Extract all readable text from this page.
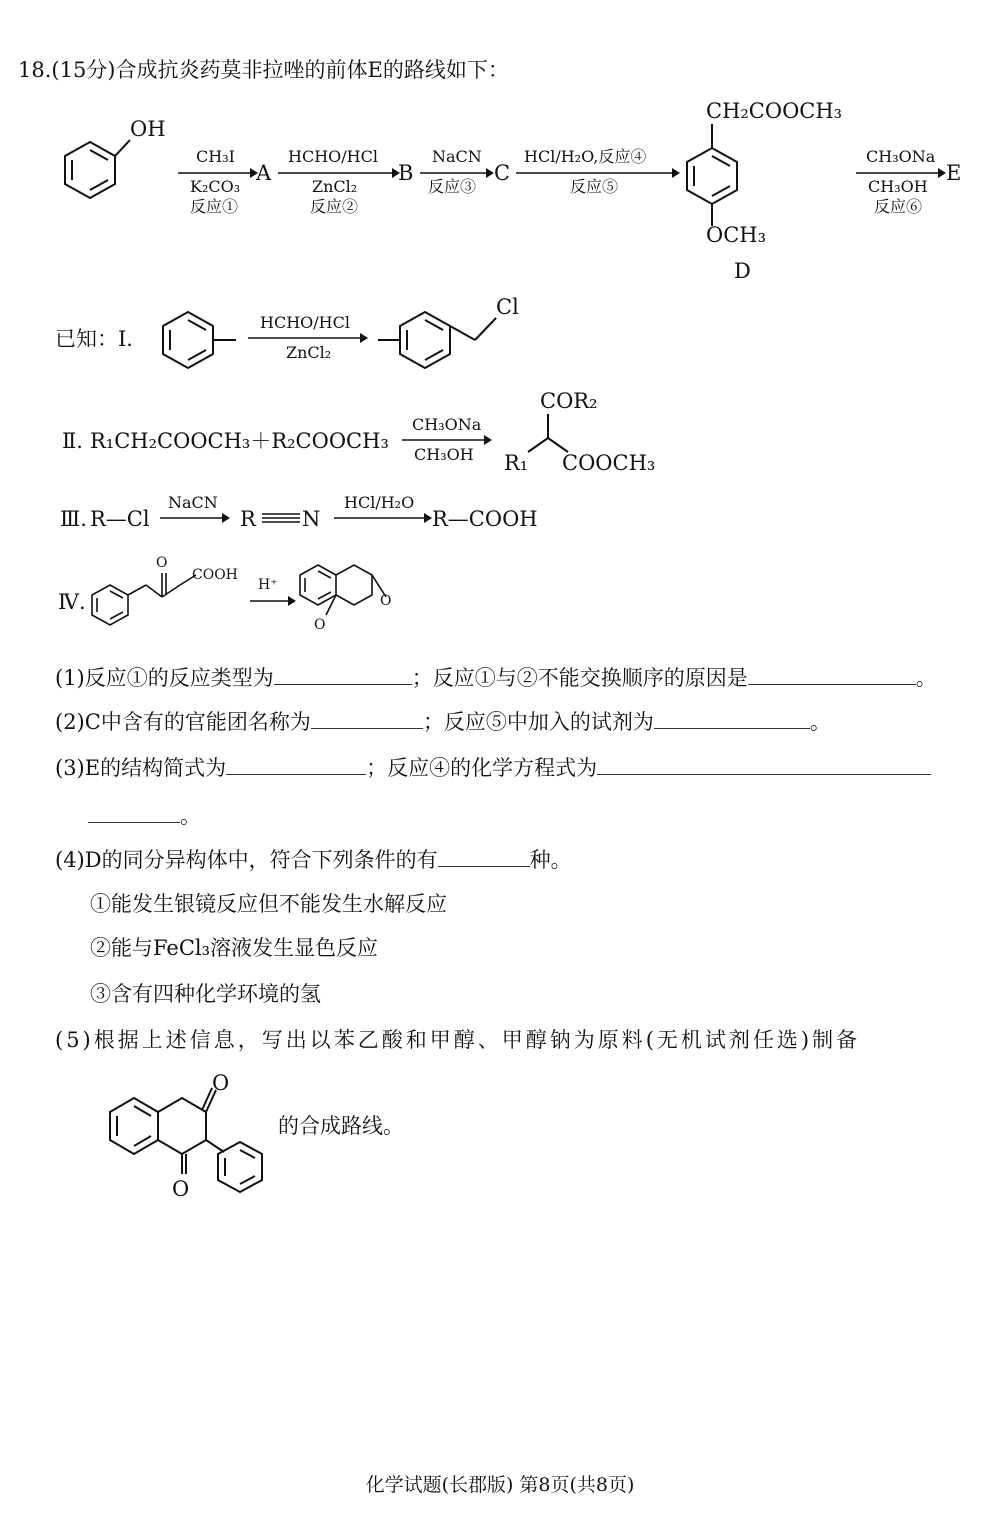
18.(15分)合成抗炎药莫非拉唑的前体E的路线如下：
OH
CH₃I
K₂CO₃
反应①
A
HCHO/HCl
ZnCl₂
反应②
B
NaCN
反应③
C
HCl/H₂O,反应④
反应⑤
CH₂COOCH₃
OCH₃
D
CH₃ONa
CH₃OH
反应⑥
E
已知：Ⅰ.
HCHO/HCl
ZnCl₂
Cl
Ⅱ. R₁CH₂COOCH₃＋R₂COOCH₃
CH₃ONa
CH₃OH
COR₂
R₁ COOCH₃
Ⅲ. R—Cl
NaCN
R N
HCl/H₂O
R—COOH
Ⅳ.
O
COOH
H⁺
O
O
(1)反应①的反应类型为	；反应①与②不能交换顺序的原因是	。
(2)C中含有的官能团名称为	；反应⑤中加入的试剂为	。
(3)E的结构简式为	；反应④的化学方程式为
。
(4)D的同分异构体中，符合下列条件的有	种。
①能发生银镜反应但不能发生水解反应
②能与FeCl₃溶液发生显色反应
③含有四种化学环境的氢
(5)根据上述信息，写出以苯乙酸和甲醇、甲醇钠为原料(无机试剂任选)制备
O
O
的合成路线。
化学试题(长郡版) 第8页(共8页)
